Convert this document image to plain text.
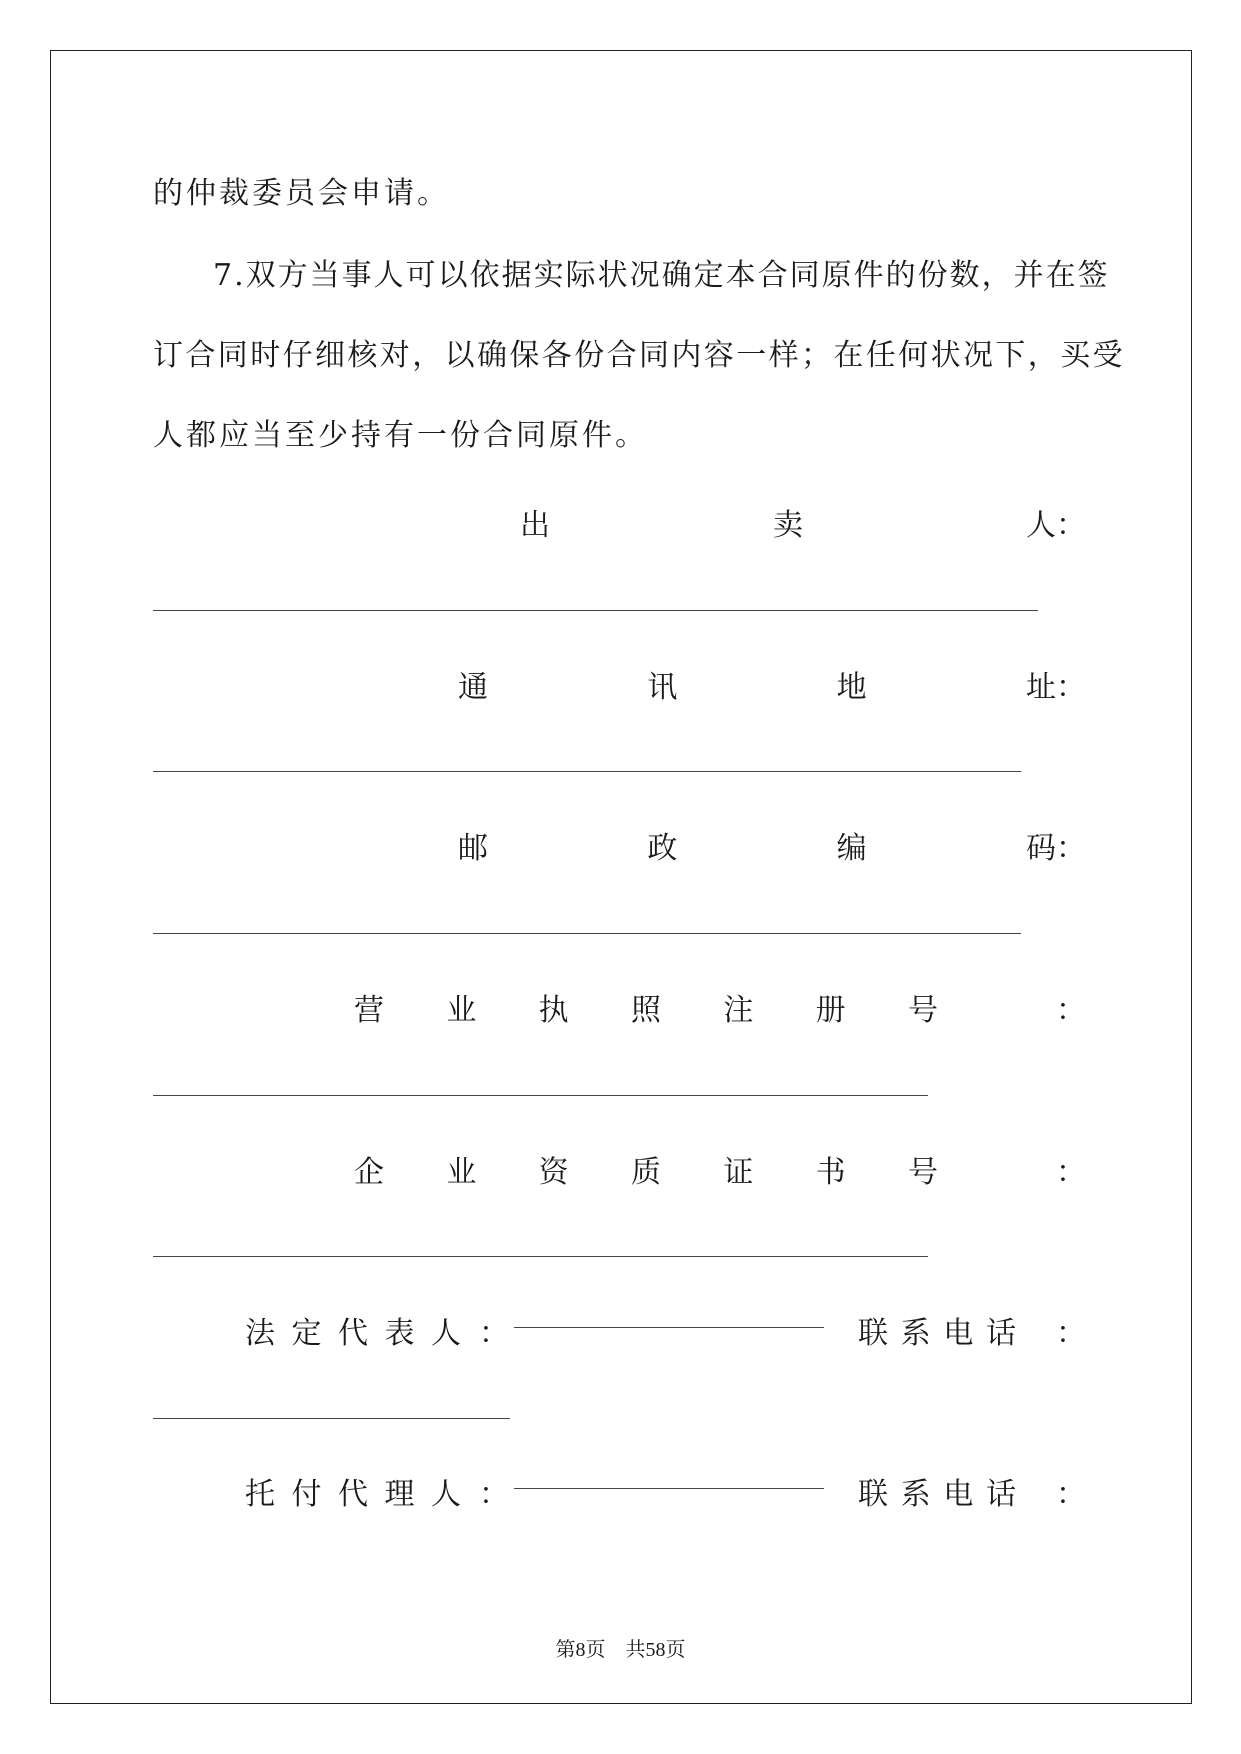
的仲裁委员会申请。
7.双方当事人可以依据实际状况确定本合同原件的份数，并在签
订合同时仔细核对，以确保各份合同内容一样；在任何状况下，买受
人都应当至少持有一份合同原件。
出	卖	人 ：
通	讯	地	址 ：
邮	政	编	码 ：
营 业 执 照 注 册 号	：
企 业 资 质 证 书 号	：
法 定 代 表 人 ：	联 系 电 话 ：
托 付 代 理 人 ：	联 系 电 话 ：
第8页　共58页
